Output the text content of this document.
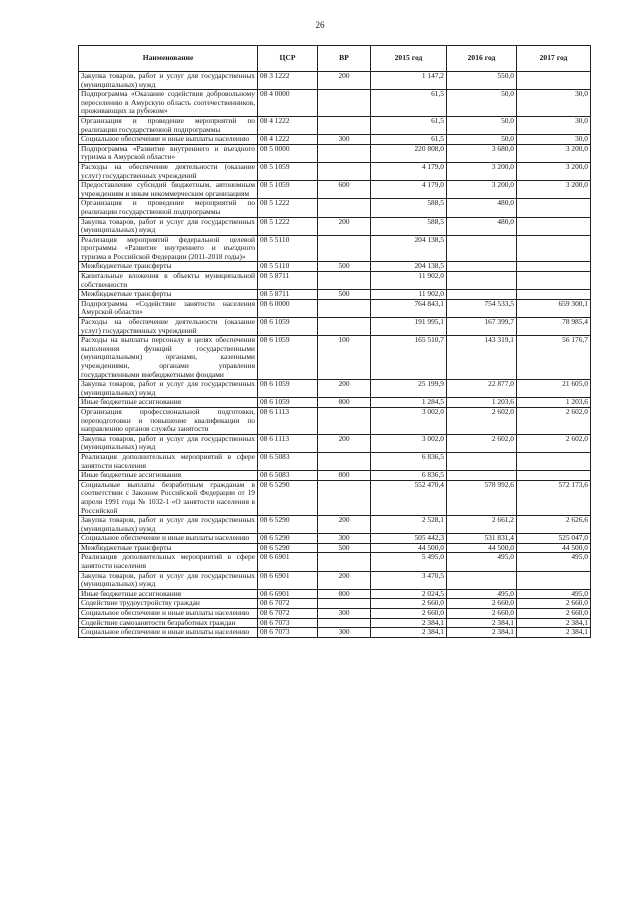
26
Наименование	ЦСР	ВР	2015 год	2016 год	2017 год
Закупка товаров, работ и услуг для государственных (муниципальных) нужд	08 3 1222	200	1 147,2	550,0	
Подпрограмма «Оказание содействия добровольному переселению в Амурскую область соотечественников, проживающих за рубежом»	08 4 0000		61,5	50,0	30,0
Организация и проведение мероприятий по реализации государственной подпрограммы	08 4 1222		61,5	50,0	30,0
Социальное обеспечение и иные выплаты населению	08 4 1222	300	61,5	50,0	30,0
Подпрограмма «Развитие внутреннего и въездного туризма в Амурской области»	08 5 0000		220 808,0	3 680,0	3 200,0
Расходы на обеспечение деятельности (оказание услуг) государственных учреждений	08 5 1059		4 179,0	3 200,0	3 200,0
Предоставление субсидий бюджетным, автономным учреждениям и иным некоммерческим организациям	08 5 1059	600	4 179,0	3 200,0	3 200,0
Организация и проведение мероприятий по реализации государственной подпрограммы	08 5 1222		588,5	480,0	
Закупка товаров, работ и услуг для государственных (муниципальных) нужд	08 5 1222	200	588,5	480,0	
Реализация мероприятий федеральной целевой программы «Развитие внутреннего и въездного туризма в Российской Федерации (2011-2018 годы)»	08 5 5110		204 138,5		
Межбюджетные трансферты	08 5 5110	500	204 138,5		
Капитальные вложения в объекты муниципальной собственности	08 5 8711		11 902,0		
Межбюджетные трансферты	08 5 8711	500	11 902,0		
Подпрограмма «Содействие занятости населения Амурской области»	08 6 0000		764 843,1	754 533,5	659 300,1
Расходы на обеспечение деятельности (оказание услуг) государственных учреждений	08 6 1059		191 995,1	167 399,7	78 985,4
Расходы на выплаты персоналу в целях обеспечения выполнения функций государственными (муниципальными) органами, казенными учреждениями, органами управления государственными внебюджетными фондами	08 6 1059	100	165 510,7	143 319,1	56 176,7
Закупка товаров, работ и услуг для государственных (муниципальных) нужд	08 6 1059	200	25 199,9	22 877,0	21 605,0
Иные бюджетные ассигнования	08 6 1059	800	1 284,5	1 203,6	1 203,6
Организация профессиональной подготовки, переподготовки и повышение квалификации по направлению органов службы занятости	08 6 1113		3 002,0	2 602,0	2 602,0
Закупка товаров, работ и услуг для государственных (муниципальных) нужд	08 6 1113	200	3 002,0	2 602,0	2 602,0
Реализация дополнительных мероприятий в сфере занятости населения	08 6 5083		6 836,5		
Иные бюджетные ассигнования	08 6 5083	800	6 836,5		
Социальные выплаты безработным гражданам в соответствии с Законом Российской Федерации от 19 апреля 1991 года № 1032-1 «О занятости населения в Российской	08 6 5290		552 470,4	578 992,6	572 173,6
Закупка товаров, работ и услуг для государственных (муниципальных) нужд	08 6 5290	200	2 528,1	2 661,2	2 626,6
Социальное обеспечение и иные выплаты населению	08 6 5290	300	505 442,3	531 831,4	525 047,0
Межбюджетные трансферты	08 6 5290	500	44 500,0	44 500,0	44 500,0
Реализация дополнительных мероприятий в сфере занятости населения	08 6 6901		5 495,0	495,0	495,0
Закупка товаров, работ и услуг для государственных (муниципальных) нужд	08 6 6901	200	3 470,5		
Иные бюджетные ассигнования	08 6 6901	800	2 024,5	495,0	495,0
Содействие трудоустройству граждан	08 6 7072		2 660,0	2 660,0	2 660,0
Социальное обеспечение и иные выплаты населению	08 6 7072	300	2 660,0	2 660,0	2 660,0
Содействие самозанятости безработных граждан	08 6 7073		2 384,1	2 384,1	2 384,1
Социальное обеспечение и иные выплаты населению	08 6 7073	300	2 384,1	2 384,1	2 384,1
